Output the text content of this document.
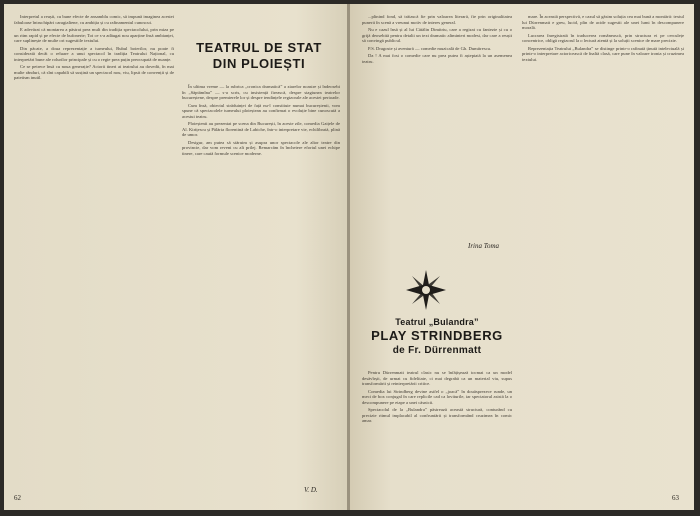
Interpretul a reușit, cu bune efecte de ansamblu comic, să impună imaginea acestei fabuloase întruchipări caragialiene, cu ambiția și cu rafinamentul cunoscut.

E adevărat că montarea a păstrat prea mult din tradiția spectacolului, prin miza pe un ritm rapid și pe efecte de bufonerie; Tot ce s-a adăugat nou aparține însă ambianței, care suplinește de multe ori sugestiile textului.

Din păcate, a doua reprezentație a turneului, Bubul boierilor, nu poate fi considerată decât o reluare a unui spectacol în tradiția Teatrului Național, cu interpretări bune ale rolurilor principale și cu o regie prea puțin preocupată de nuanțe.

Ce se petrece însă cu noua generație? Actorii tineri ai teatrului au dovedit, în mai multe rânduri, că sînt capabili să susțină un spectacol nou, viu, lipsit de convenții și de patetism inutil.

TEATRUL DE STAT DIN PLOIEȘTI

În ultima vreme — la rubrica „cronica dramatică” a ziarelor noastre și îndeosebi în „Săptămîna” — s-a scris, cu insistență firească, despre stagiunea teatrelor bucureștene, despre premierele lor și despre tendințele regizorale ale acestei perioade.

Cum însă, obiectul străduinței de față nu-l constituie numai bucureștenii, vom spune că spectacolele turneului ploieștean au confirmat o evoluție bine cunoscută a acestui teatru.

Ploieștenii au prezentat pe scena din București, în aceste zile, comedia Gaițele de Al. Kirițescu și Pălăria florentină de Labiche, într-o interpretare vie, echilibrată, plină de umor.

Desigur, am putea să stăruim și asupra unor spectacole ale altor teatre din provincie, dar vom reveni cu alt prilej. Remarcăm în încheiere efortul unei echipe tinere, care caută formule scenice moderne.

V. D.
62

...plinind fond, să trăiască fie prin valoarea literară, fie prin originalitatea punerii în scenă a vreunui motiv de interes general.

Nu e cazul însă și al lui Cătălin Dimitriu, care a regizat cu fantezie și cu o grijă deosebită pentru detalii un text dramatic altminteri modest, dar care a reușit să convingă publicul.

P.S. Dragoste și aventură — comedie muzicală de Gh. Dumitrescu.

Da ! A mai fost o comedie care nu prea putea fi așteptată la un asemenea teatru.

Irina Toma

mare. În această perspectivă, e cazul să găsim soluția cea mai bună a montării: textul lui Dürrenmatt e greu, lucid, plin de acide sugestii ale unei lumi în descompunere morală.

Lucrarea înregistrată în traducerea românească, prin structura ei pe cerculețe concentrice, obligă regizorul la o lectură atentă și la soluții scenice de mare precizie.

Reprezentația Teatrului „Bulandra” se distinge printr-o rafinată ținută intelectuală și printr-o interpretare actoricească de înaltă clasă, care pune în valoare ironia și cruzimea textului.

Teatrul „Bulandra”
PLAY STRINDBERG
de Fr. Dürrenmatt

Pentru Dürrenmatt teatrul clasic nu se înfățișează tocmai ca un model desăvîrșit, de urmat cu fidelitate, ci mai degrabă ca un material viu, supus transformării și reinterpretării critice.

Comedia lui Strindberg devine astfel o „joacă” în douăsprezece runde, un meci de box conjugal în care replicile cad ca loviturile, iar spectatorul asistă la o descompunere pe etape a unei căsnicii.

Spectacolul de la „Bulandra” păstrează această structură, conturând cu precizie ritmul implacabil al confruntării și transformând cruzimea în comic amar.

63
